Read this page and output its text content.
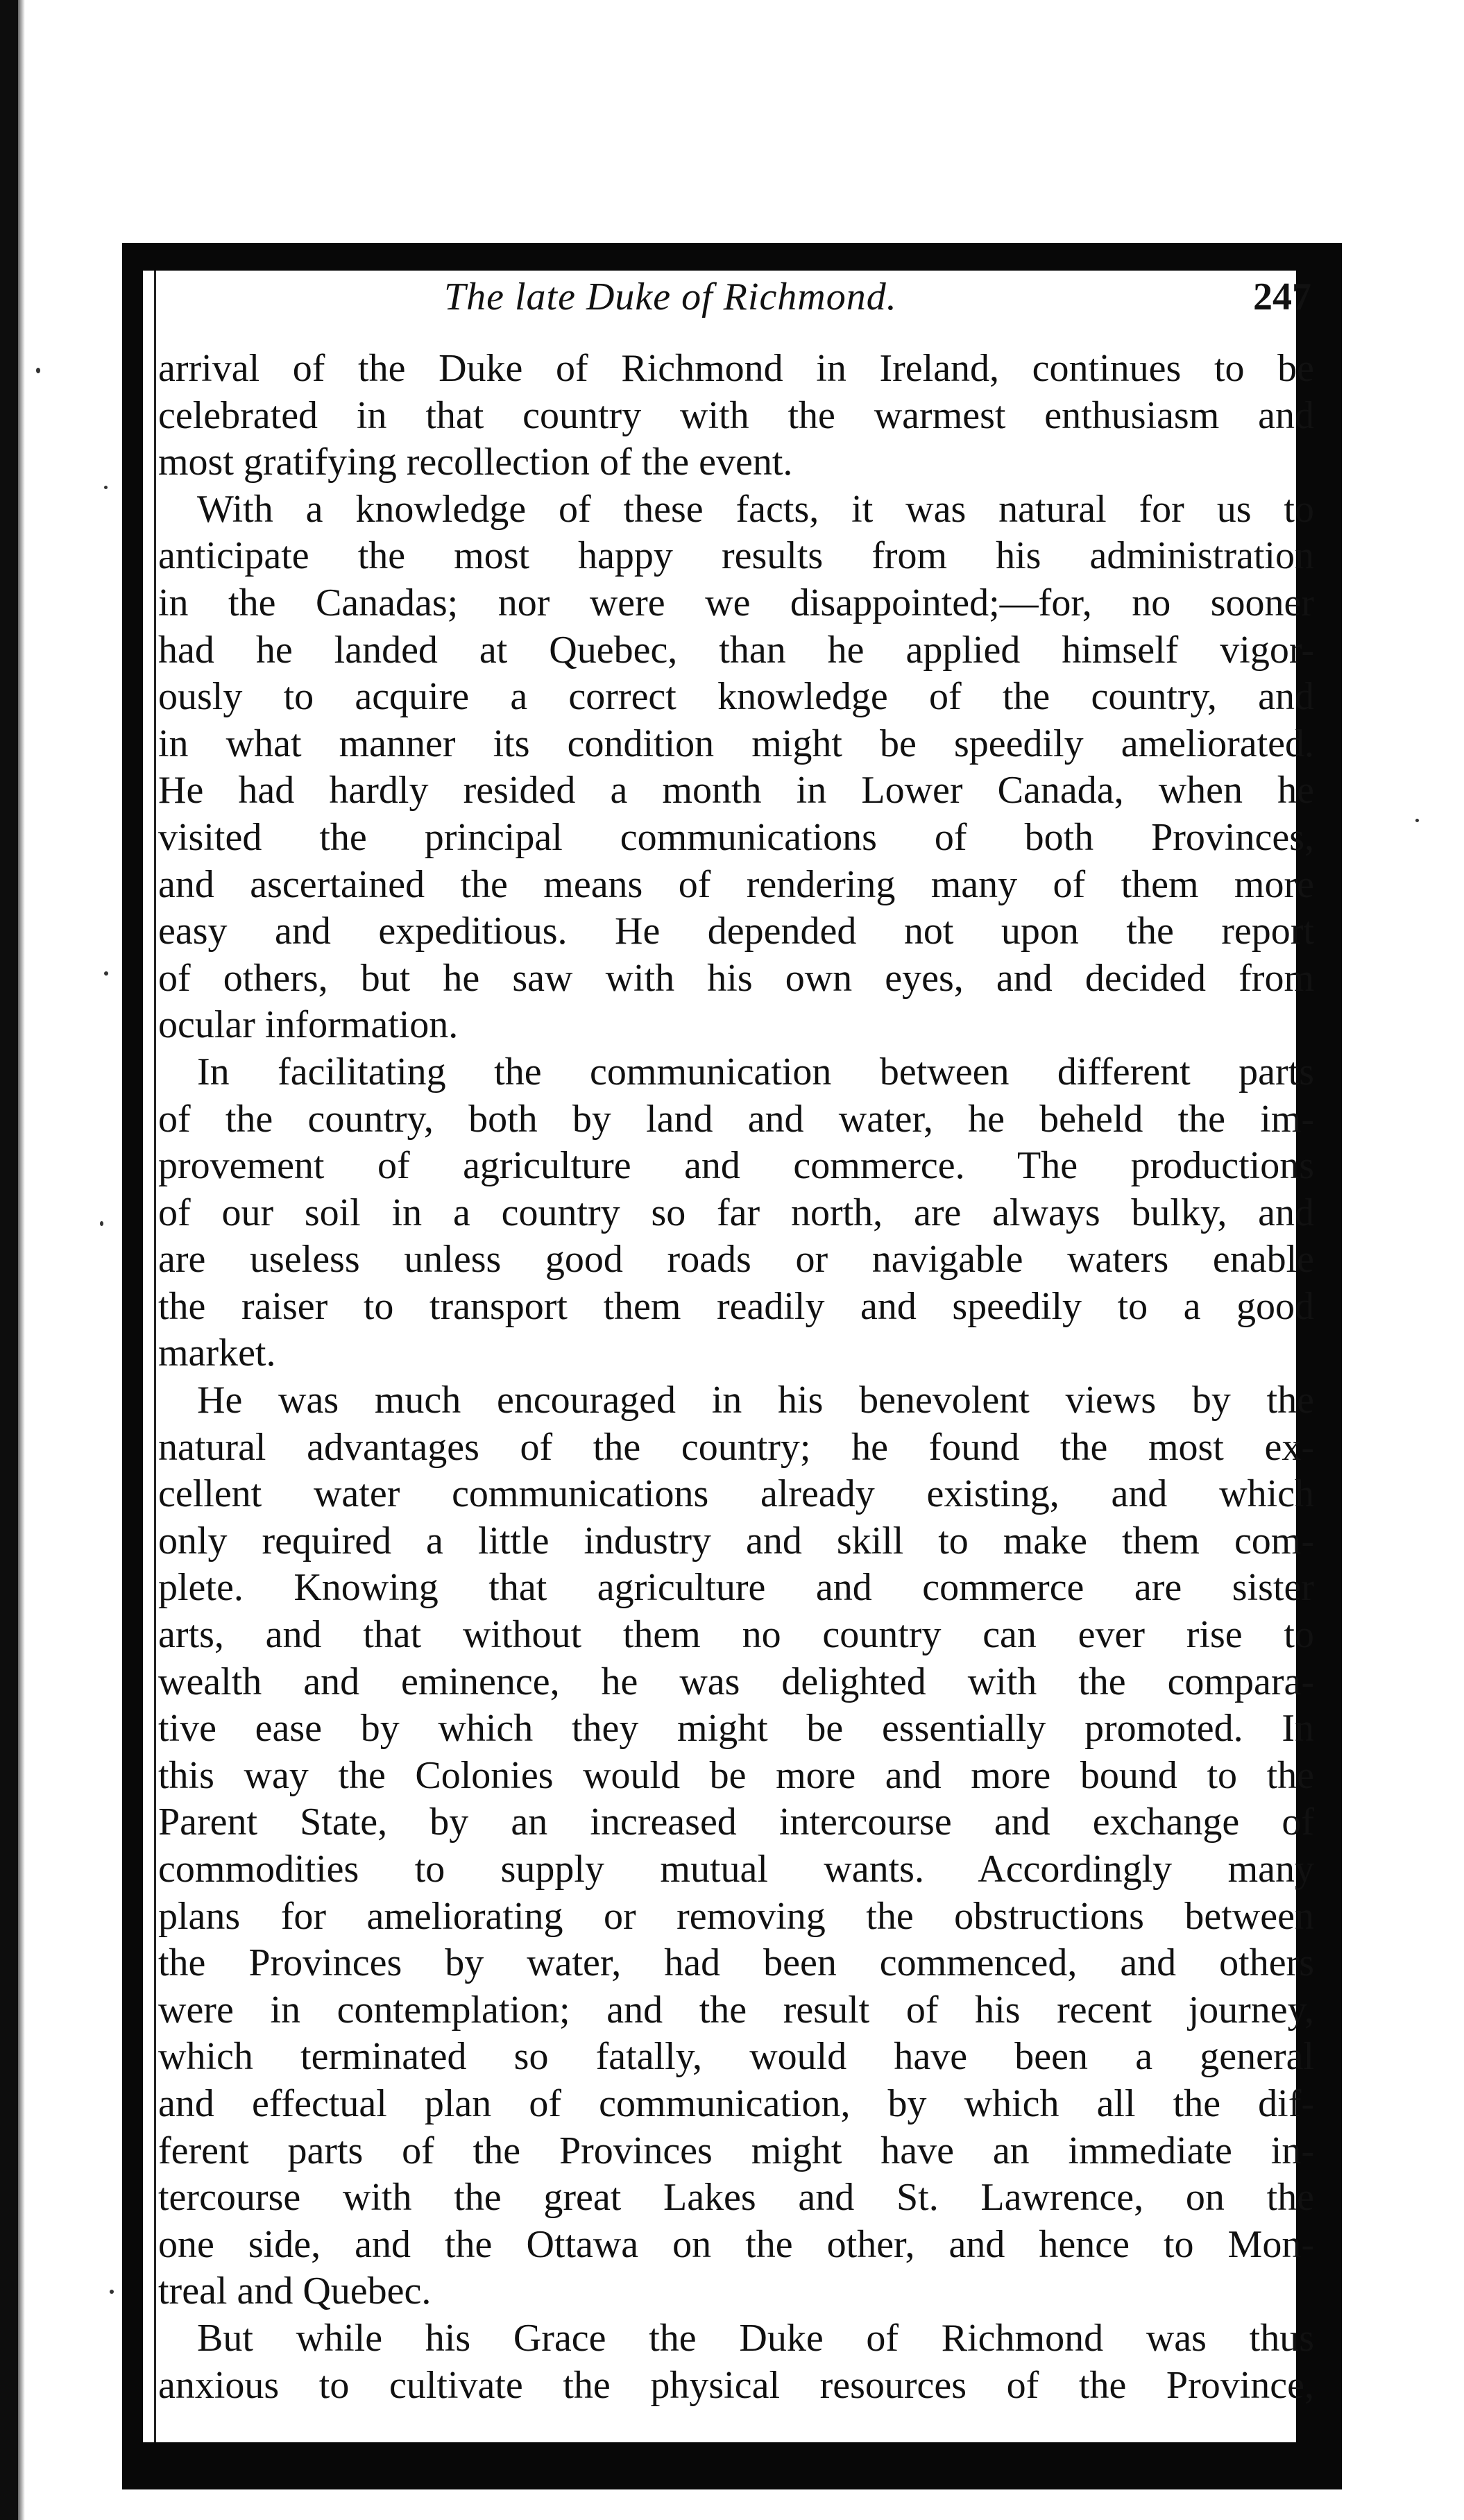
The late Duke of Richmond.	247
arrival of the Duke of Richmond in Ireland, continues to be
celebrated in that country with the warmest enthusiasm and
most gratifying recollection of the event.
With a knowledge of these facts, it was natural for us to
anticipate the most happy results from his administration
in the Canadas; nor were we disappointed;—for, no sooner
had he landed at Quebec, than he applied himself vigor-
ously to acquire a correct knowledge of the country, and
in what manner its condition might be speedily ameliorated.
He had hardly resided a month in Lower Canada, when he
visited the principal communications of both Provinces,
and ascertained the means of rendering many of them more
easy and expeditious. He depended not upon the report
of others, but he saw with his own eyes, and decided from
ocular information.
In facilitating the communication between different parts
of the country, both by land and water, he beheld the im-
provement of agriculture and commerce. The productions
of our soil in a country so far north, are always bulky, and
are useless unless good roads or navigable waters enable
the raiser to transport them readily and speedily to a good
market.
He was much encouraged in his benevolent views by the
natural advantages of the country; he found the most ex-
cellent water communications already existing, and which
only required a little industry and skill to make them com-
plete. Knowing that agriculture and commerce are sister
arts, and that without them no country can ever rise to
wealth and eminence, he was delighted with the compara-
tive ease by which they might be essentially promoted. In
this way the Colonies would be more and more bound to the
Parent State, by an increased intercourse and exchange of
commodities to supply mutual wants. Accordingly many
plans for ameliorating or removing the obstructions between
the Provinces by water, had been commenced, and others
were in contemplation; and the result of his recent journey,
which terminated so fatally, would have been a general
and effectual plan of communication, by which all the dif-
ferent parts of the Provinces might have an immediate in-
tercourse with the great Lakes and St. Lawrence, on the
one side, and the Ottawa on the other, and hence to Mon-
treal and Quebec.
But while his Grace the Duke of Richmond was thus
anxious to cultivate the physical resources of the Province,
